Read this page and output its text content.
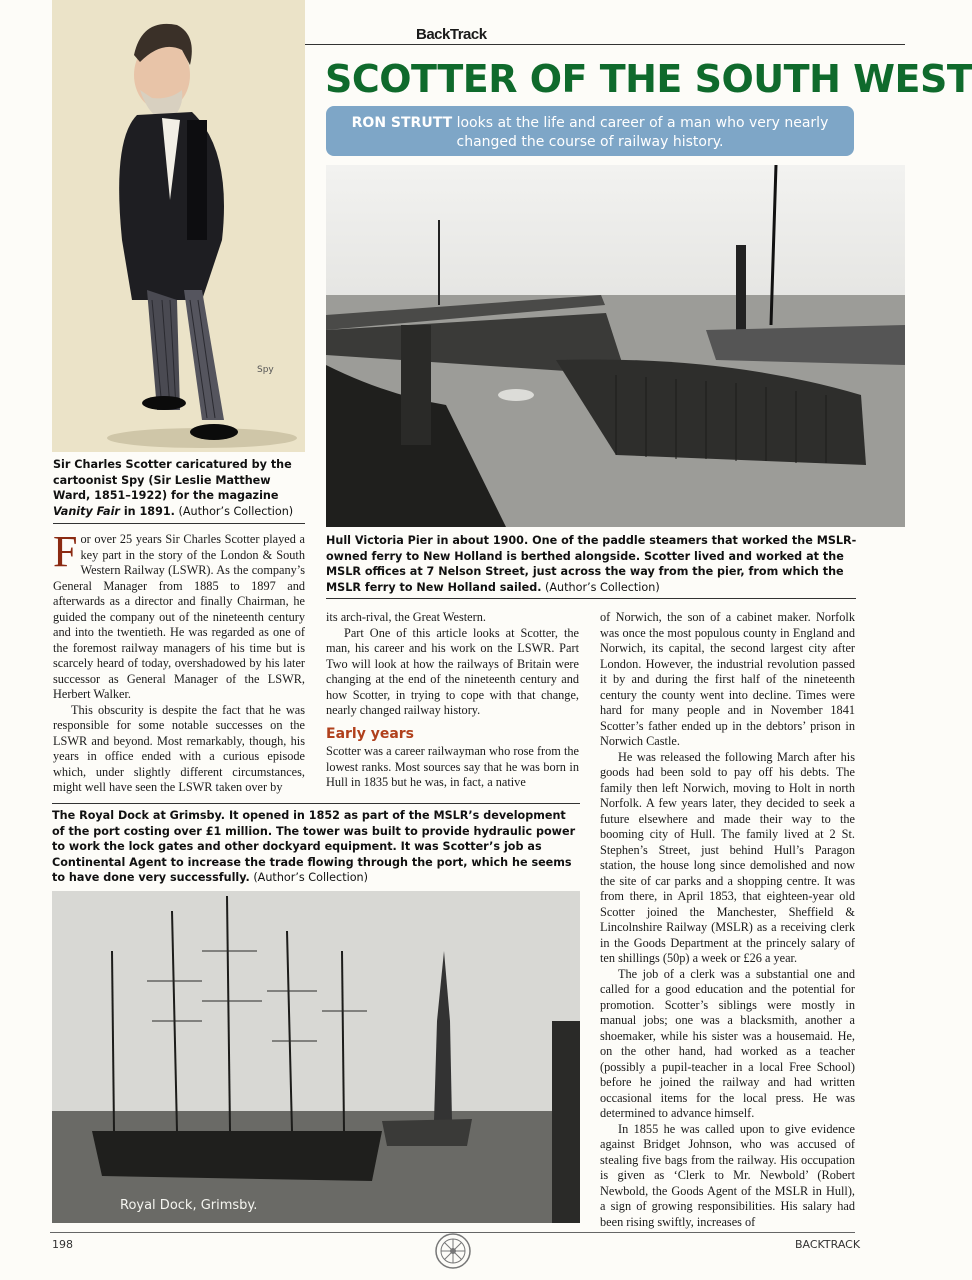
BackTrack
SCOTTER OF THE SOUTH WEST
RON STRUTT looks at the life and career of a man who very nearly changed the course of railway history.
Spy
Sir Charles Scotter caricatured by the cartoonist Spy (Sir Leslie Matthew Ward, 1851–1922) for the magazine Vanity Fair in 1891. (Author’s Collection)
Hull Victoria Pier in about 1900. One of the paddle steamers that worked the MSLR-owned ferry to New Holland is berthed alongside. Scotter lived and worked at the MSLR offices at 7 Nelson Street, just across the way from the pier, from which the MSLR ferry to New Holland sailed. (Author’s Collection)

For over 25 years Sir Charles Scotter played a key part in the story of the London & South Western Railway (LSWR). As the company’s General Manager from 1885 to 1897 and afterwards as a director and finally Chairman, he guided the company out of the nineteenth century and into the twentieth. He was regarded as one of the foremost railway managers of his time but is scarcely heard of today, overshadowed by his later successor as General Manager of the LSWR, Herbert Walker.

This obscurity is despite the fact that he was responsible for some notable successes on the LSWR and beyond. Most remarkably, though, his years in office ended with a curious episode which, under slightly different circumstances, might well have seen the LSWR taken over by

its arch-rival, the Great Western.

Part One of this article looks at Scotter, the man, his career and his work on the LSWR. Part Two will look at how the railways of Britain were changing at the end of the nineteenth century and how Scotter, in trying to cope with that change, nearly changed railway history.

Early years

Scotter was a career railwayman who rose from the lowest ranks. Most sources say that he was born in Hull in 1835 but he was, in fact, a native

of Norwich, the son of a cabinet maker. Norfolk was once the most populous county in England and Norwich, its capital, the second largest city after London. However, the industrial revolution passed it by and during the first half of the nineteenth century the county went into decline. Times were hard for many people and in November 1841 Scotter’s father ended up in the debtors’ prison in Norwich Castle.

He was released the following March after his goods had been sold to pay off his debts. The family then left Norwich, moving to Holt in north Norfolk. A few years later, they decided to seek a future elsewhere and made their way to the booming city of Hull. The family lived at 2 St. Stephen’s Street, just behind Hull’s Paragon station, the house long since demolished and now the site of car parks and a shopping centre. It was from there, in April 1853, that eighteen-year old Scotter joined the Manchester, Sheffield & Lincolnshire Railway (MSLR) as a receiving clerk in the Goods Department at the princely salary of ten shillings (50p) a week or £26 a year.

The job of a clerk was a substantial one and called for a good education and the potential for promotion. Scotter’s siblings were mostly in manual jobs; one was a blacksmith, another a shoemaker, while his sister was a housemaid. He, on the other hand, had worked as a teacher (possibly a pupil-teacher in a local Free School) before he joined the railway and had written occasional items for the local press. He was determined to advance himself.

In 1855 he was called upon to give evidence against Bridget Johnson, who was accused of stealing five bags from the railway. His occupation is given as ‘Clerk to Mr. Newbold’ (Robert Newbold, the Goods Agent of the MSLR in Hull), a sign of growing responsibilities. His salary had been rising swiftly, increases of

The Royal Dock at Grimsby. It opened in 1852 as part of the MSLR’s development of the port costing over £1 million. The tower was built to provide hydraulic power to work the lock gates and other dockyard equipment. It was Scotter’s job as Continental Agent to increase the trade flowing through the port, which he seems to have done very successfully. (Author’s Collection)
Royal Dock, Grimsby.
198	BACKTRACK
